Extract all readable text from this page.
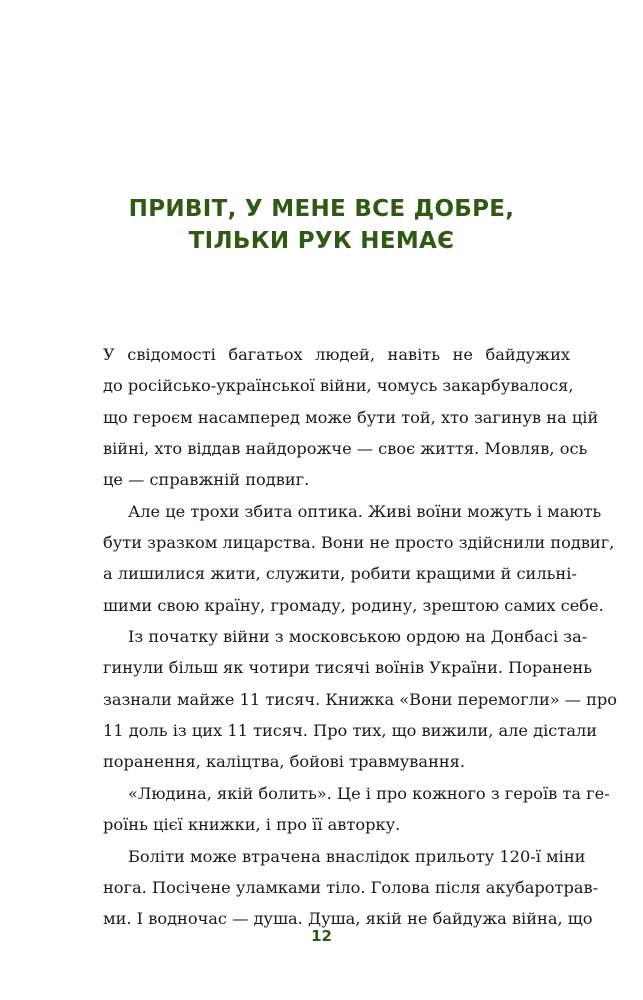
ПРИВІТ, У МЕНЕ ВСЕ ДОБРЕ,
ТІЛЬКИ РУК НЕМАЄ
У свідомості багатьох людей, навіть не байдужих
до російсько-української війни, чомусь закарбувалося,
що героєм насамперед може бути той, хто загинув на цій
війні, хто віддав найдорожче — своє життя. Мовляв, ось
це — справжній подвиг.
Але це трохи збита оптика. Живі воїни можуть і мають
бути зразком лицарства. Вони не просто здійснили подвиг,
а лишилися жити, служити, робити кращими й сильні-
шими свою країну, громаду, родину, зрештою самих себе.
Із початку війни з московською ордою на Донбасі за-
гинули більш як чотири тисячі воїнів України. Поранень
зазнали майже 11 тисяч. Книжка «Вони перемогли» — про
11 доль із цих 11 тисяч. Про тих, що вижили, але дістали
поранення, каліцтва, бойові травмування.
«Людина, якій болить». Це і про кожного з героїв та ге-
роїнь цієї книжки, і про її авторку.
Боліти може втрачена внаслідок прильоту 120-ї міни
нога. Посічене уламками тіло. Голова після акубаротрав-
ми. І водночас — душа. Душа, якій не байдужа війна, що
12
